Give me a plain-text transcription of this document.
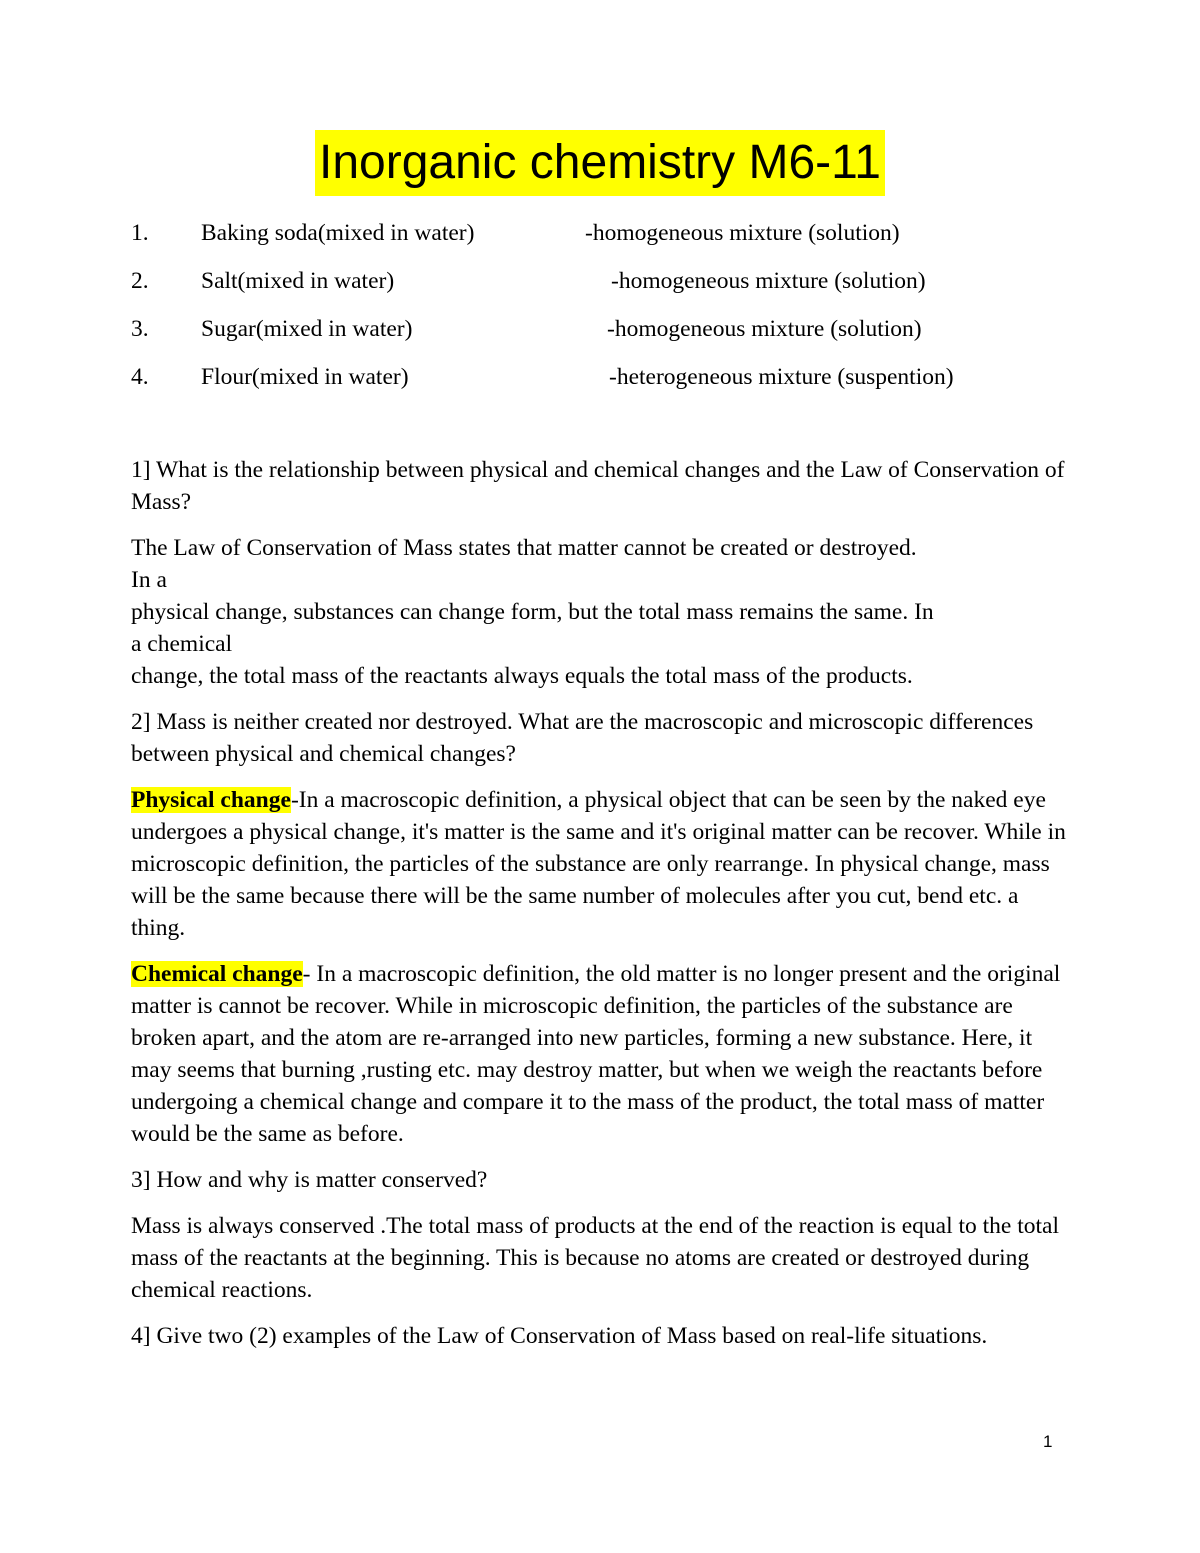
Inorganic chemistry M6-11
1. Baking soda(mixed in water)	-homogeneous mixture (solution)
2. Salt(mixed in water)	-homogeneous mixture (solution)
3. Sugar(mixed in water)	-homogeneous mixture (solution)
4. Flour(mixed in water)	-heterogeneous mixture (suspention)

1] What is the relationship between physical and chemical changes and the Law of Conservation of Mass?

The Law of Conservation of Mass states that matter cannot be created or destroyed.
In a
physical change, substances can change form, but the total mass remains the same. In
a chemical
change, the total mass of the reactants always equals the total mass of the products.

2] Mass is neither created nor destroyed. What are the macroscopic and microscopic differences between physical and chemical changes?

Physical change-In a macroscopic definition, a physical object that can be seen by the naked eye undergoes a physical change, it's matter is the same and it's original matter can be recover. While in microscopic definition, the particles of the substance are only rearrange. In physical change, mass will be the same because there will be the same number of molecules after you cut, bend etc. a thing.

Chemical change- In a macroscopic definition, the old matter is no longer present and the original matter is cannot be recover. While in microscopic definition, the particles of the substance are broken apart, and the atom are re-arranged into new particles, forming a new substance. Here, it may seems that burning ,rusting etc. may destroy matter, but when we weigh the reactants before undergoing a chemical change and compare it to the mass of the product, the total mass of matter would be the same as before.

3] How and why is matter conserved?

Mass is always conserved .The total mass of products at the end of the reaction is equal to the total mass of the reactants at the beginning. This is because no atoms are created or destroyed during chemical reactions.

4] Give two (2) examples of the Law of Conservation of Mass based on real-life situations.

1
